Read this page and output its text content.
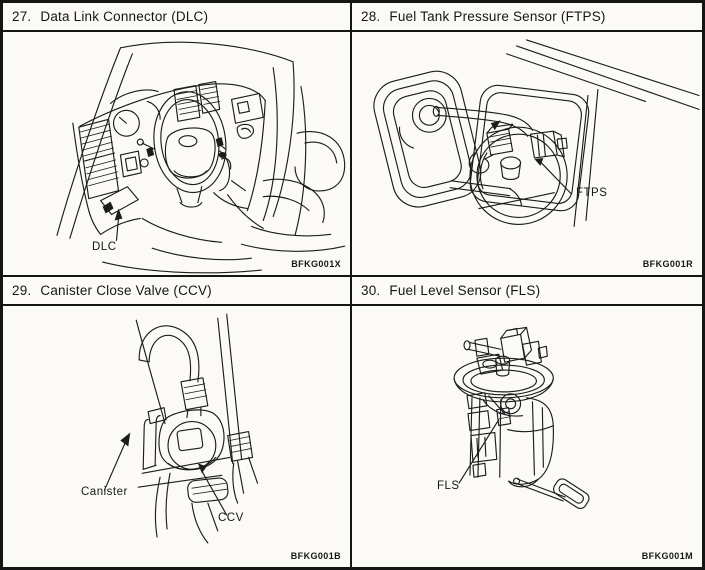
27. Data Link Connector (DLC)
DLC
BFKG001X
28. Fuel Tank Pressure Sensor (FTPS)
FTPS
BFKG001R
29. Canister Close Valve (CCV)
Canister
CCV
BFKG001B
30. Fuel Level Sensor (FLS)
FLS
BFKG001M
